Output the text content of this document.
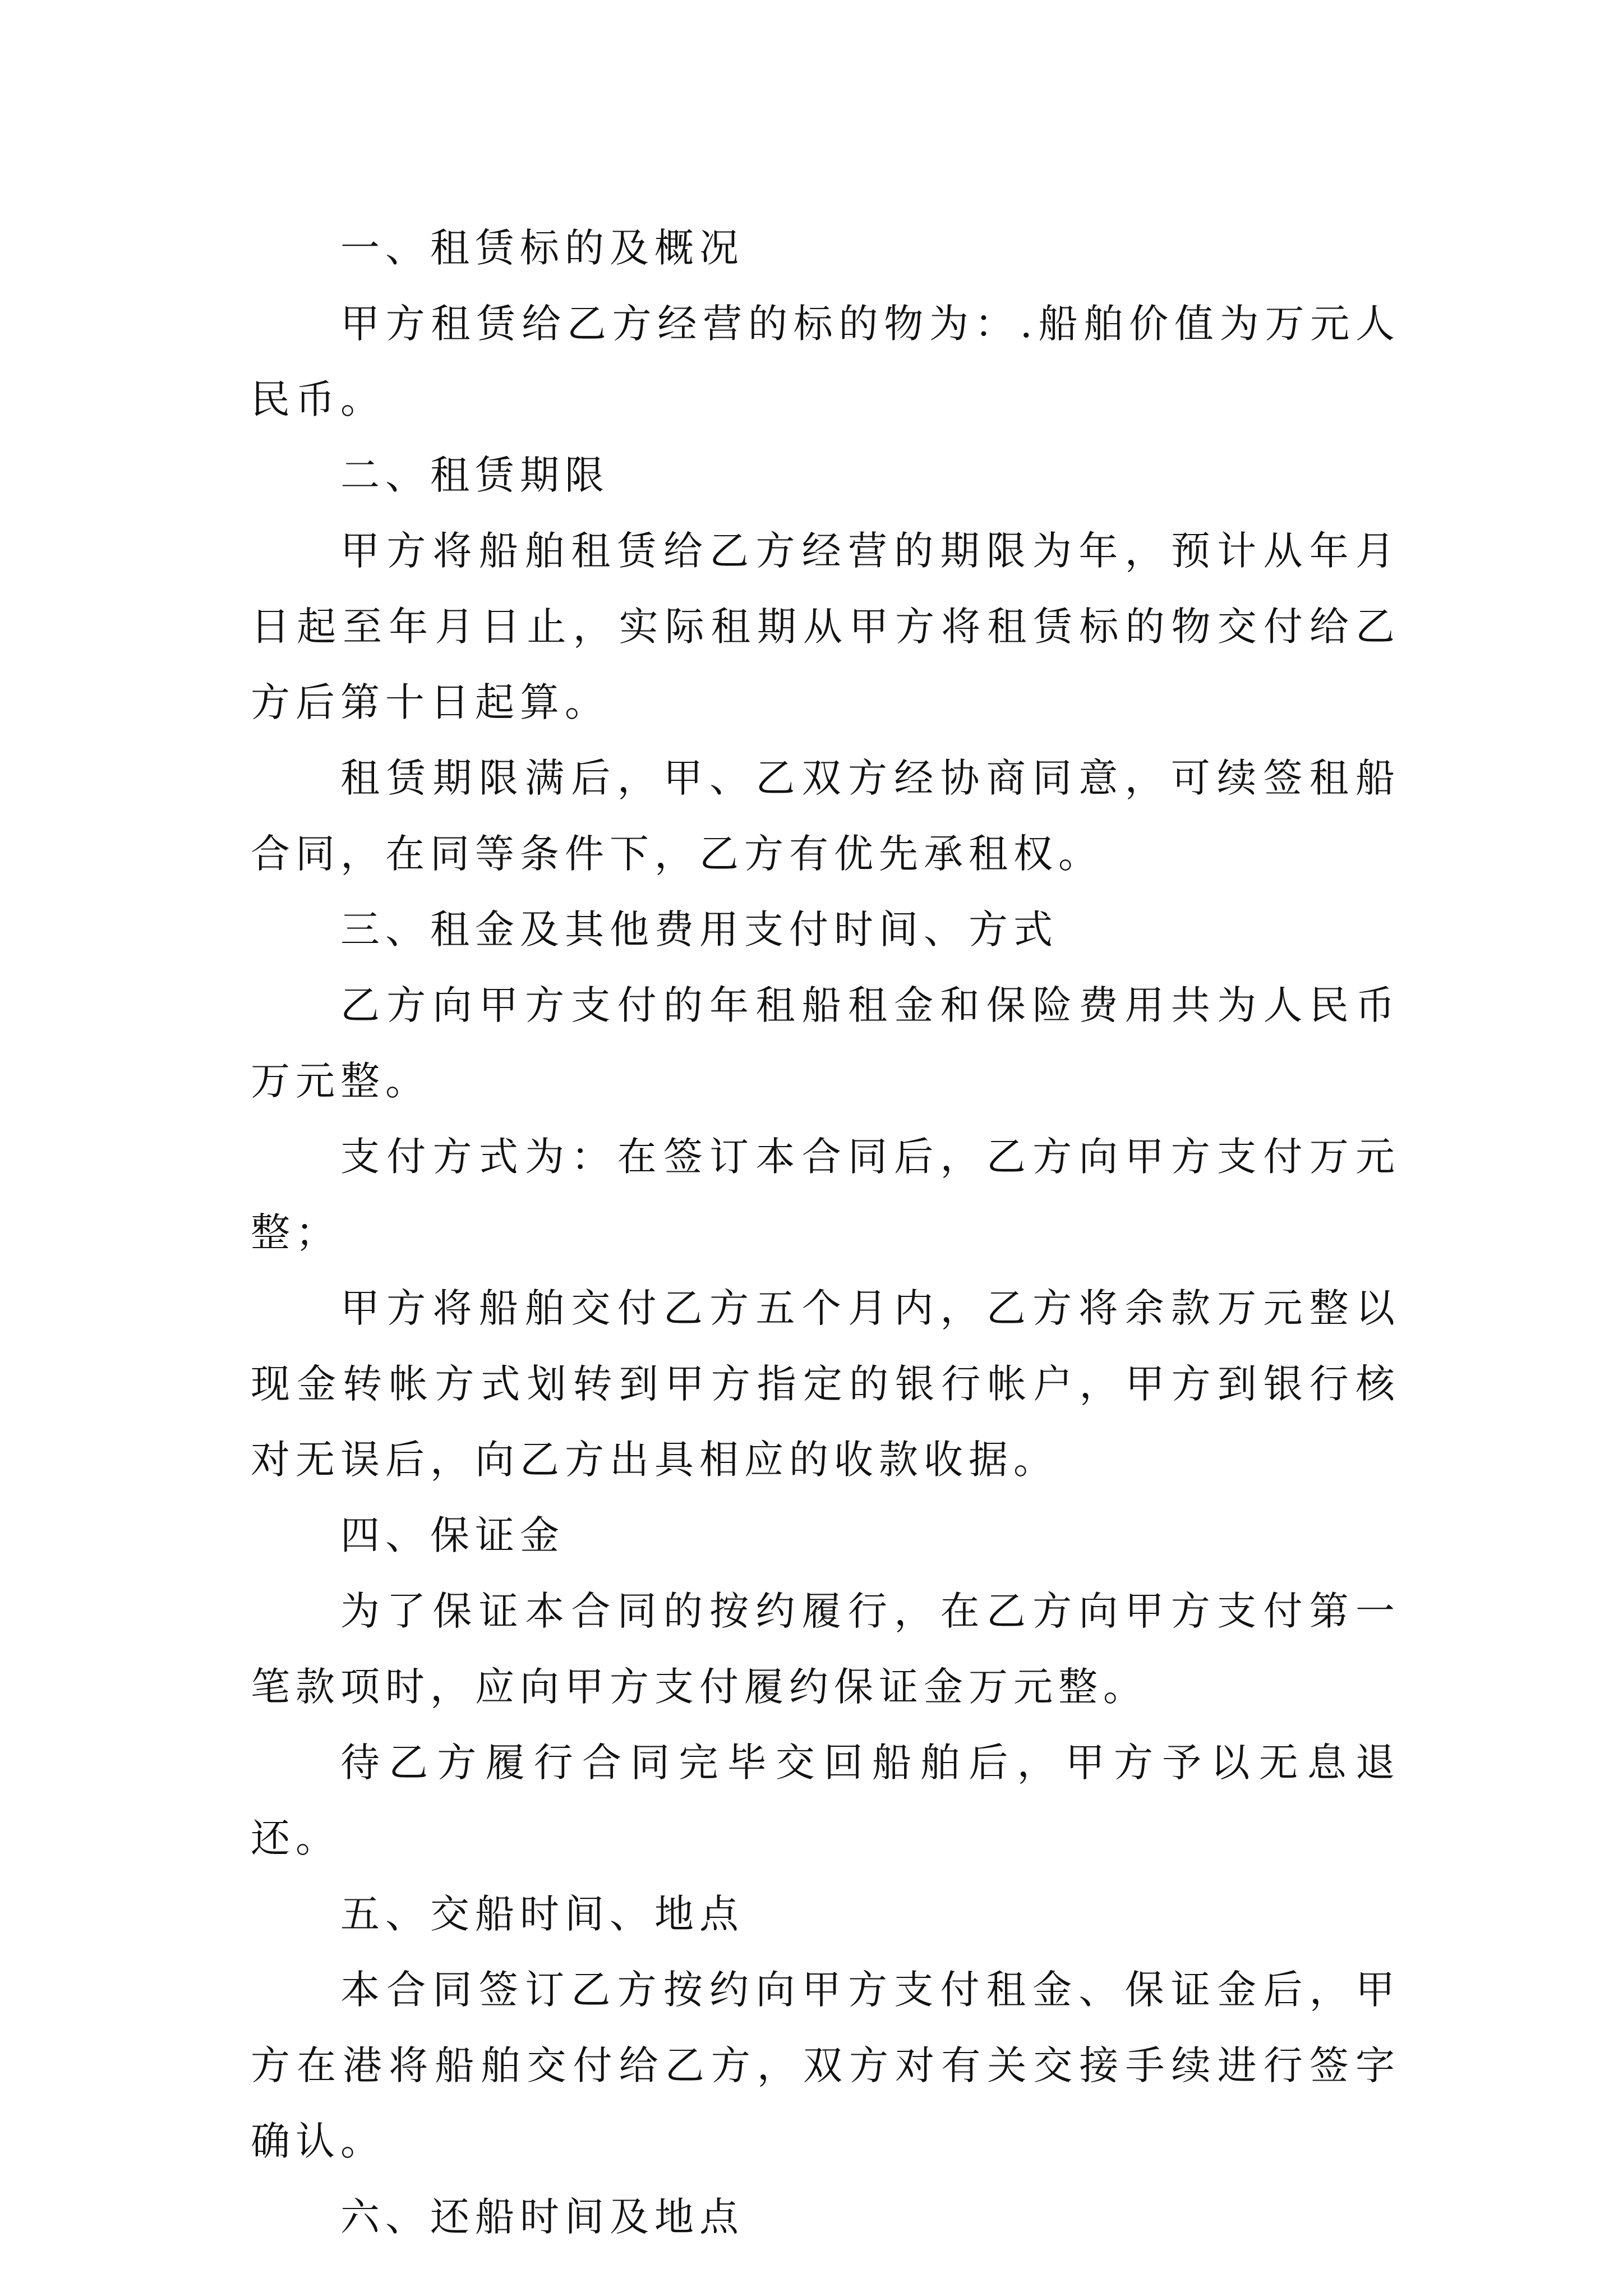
一、租赁标的及概况

甲方租赁给乙方经营的标的物为：.船舶价值为万元人民币。

二、租赁期限

甲方将船舶租赁给乙方经营的期限为年，预计从年月日起至年月日止，实际租期从甲方将租赁标的物交付给乙方后第十日起算。

租赁期限满后，甲、乙双方经协商同意，可续签租船合同，在同等条件下，乙方有优先承租权。

三、租金及其他费用支付时间、方式

乙方向甲方支付的年租船租金和保险费用共为人民币万元整。

支付方式为：在签订本合同后，乙方向甲方支付万元整；

甲方将船舶交付乙方五个月内，乙方将余款万元整以现金转帐方式划转到甲方指定的银行帐户，甲方到银行核对无误后，向乙方出具相应的收款收据。

四、保证金

为了保证本合同的按约履行，在乙方向甲方支付第一笔款项时，应向甲方支付履约保证金万元整。

待乙方履行合同完毕交回船舶后，甲方予以无息退还。

五、交船时间、地点

本合同签订乙方按约向甲方支付租金、保证金后，甲方在港将船舶交付给乙方，双方对有关交接手续进行签字确认。

六、还船时间及地点
